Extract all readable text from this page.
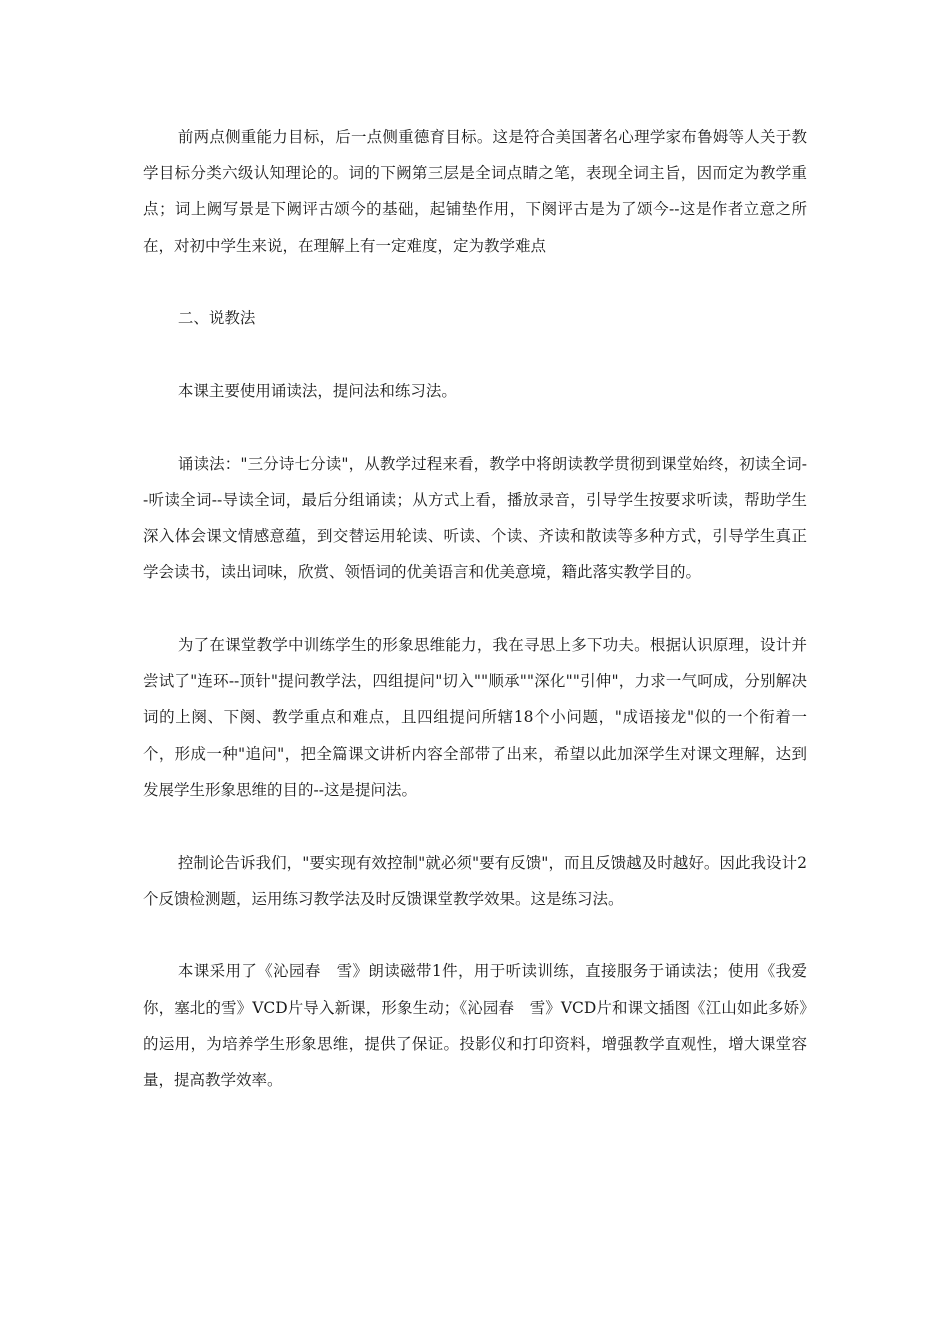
前两点侧重能力目标，后一点侧重德育目标。这是符合美国著名心理学家布鲁姆等人关于教学目标分类六级认知理论的。词的下阙第三层是全词点睛之笔，表现全词主旨，因而定为教学重点；词上阙写景是下阙评古颂今的基础，起铺垫作用，下阕评古是为了颂今--这是作者立意之所在，对初中学生来说，在理解上有一定难度，定为教学难点

二、说教法

本课主要使用诵读法，提问法和练习法。

诵读法："三分诗七分读"，从教学过程来看，教学中将朗读教学贯彻到课堂始终，初读全词--听读全词--导读全词，最后分组诵读；从方式上看，播放录音，引导学生按要求听读，帮助学生深入体会课文情感意蕴，到交替运用轮读、听读、个读、齐读和散读等多种方式，引导学生真正学会读书，读出词味，欣赏、领悟词的优美语言和优美意境，籍此落实教学目的。

为了在课堂教学中训练学生的形象思维能力，我在寻思上多下功夫。根据认识原理，设计并尝试了"连环--顶针"提问教学法，四组提问"切入""顺承""深化""引伸"，力求一气呵成，分别解决词的上阕、下阕、教学重点和难点，且四组提问所辖18个小问题，"成语接龙"似的一个衔着一个，形成一种"追问"，把全篇课文讲析内容全部带了出来，希望以此加深学生对课文理解，达到发展学生形象思维的目的--这是提问法。

控制论告诉我们，"要实现有效控制"就必须"要有反馈"，而且反馈越及时越好。因此我设计2个反馈检测题，运用练习教学法及时反馈课堂教学效果。这是练习法。

本课采用了《沁园春　雪》朗读磁带1件，用于听读训练，直接服务于诵读法；使用《我爱你，塞北的雪》VCD片导入新课，形象生动；《沁园春　雪》VCD片和课文插图《江山如此多娇》的运用，为培养学生形象思维，提供了保证。投影仪和打印资料，增强教学直观性，增大课堂容量，提高教学效率。
